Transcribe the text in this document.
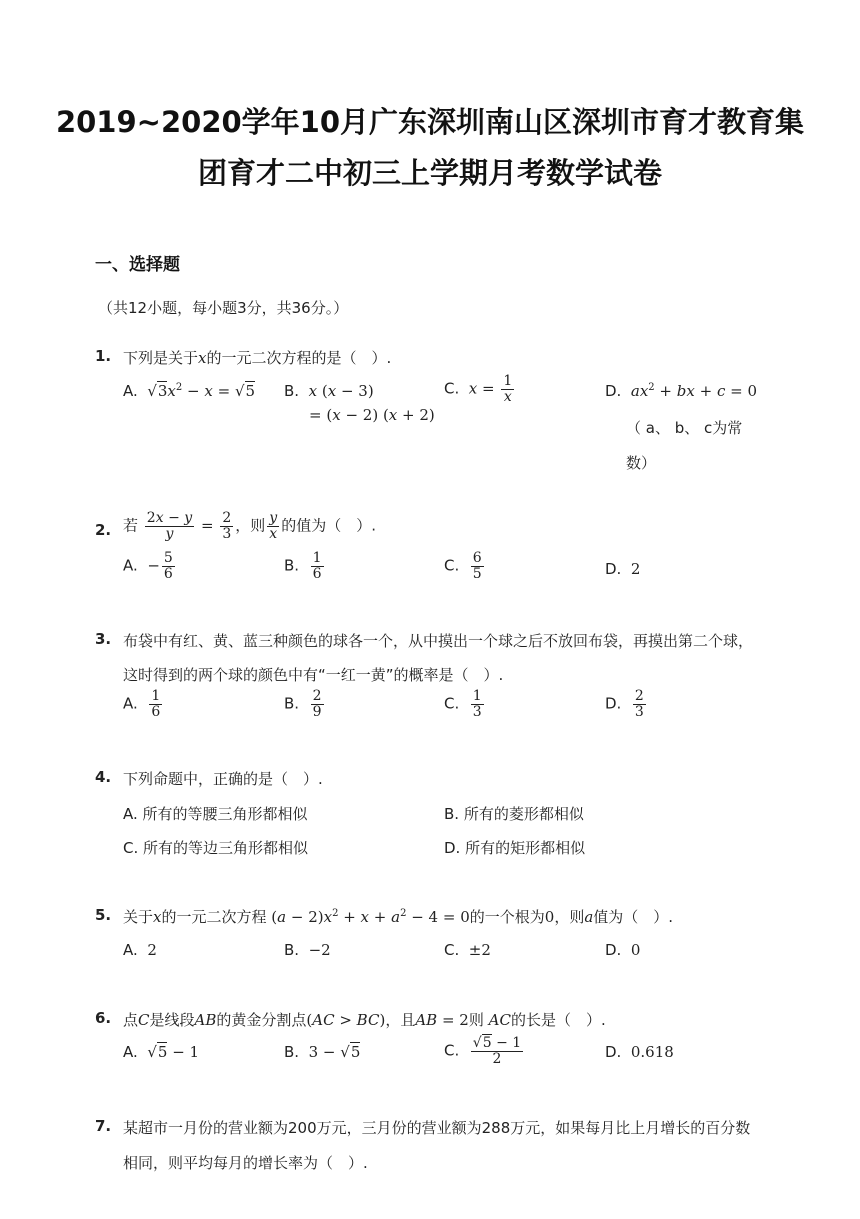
2019~2020学年10月广东深圳南山区深圳市育才教育集
团育才二中初三上学期月考数学试卷
一、选择题
（共12小题，每小题3分，共36分。）
1. 下列是关于x的一元二次方程的是（　）.
A. $√3x^2 - x = √5$ B. x (x − 3)
= (x − 2) (x + 2)
C. $x = \frac{1}{x}$	D. $ax^2$ + bx + c = 0
（ a、 b、 c为常
数）
2. 若 $\frac{2x - y}{y} = \frac{2}{3}$ ，则 $\frac{y}{x}$ 的值为（　）.
A. − $\frac{5}{6}$	B. $\frac{1}{6}$	C. $\frac{6}{5}$	D. 2
3. 布袋中有红、黄、蓝三种颜色的球各一个，从中摸出一个球之后不放回布袋，再摸出第二个球，
这时得到的两个球的颜色中有“一红一黄”的概率是（　）.
A. $\frac{1}{6}$	B. $\frac{2}{9}$	C. $\frac{1}{3}$	D. $\frac{2}{3}$
4. 下列命题中，正确的是（　）.
A. 所有的等腰三角形都相似	B. 所有的菱形都相似
C. 所有的等边三角形都相似	D. 所有的矩形都相似
5. 关于x的一元二次方程 $(a - 2)x^2 + x + a^2 - 4 = 0$的一个根为0，则a值为（　）.
A. 2	B. −2	C. ±2	D. 0
6. 点C是线段AB的黄金分割点(AC > BC)，且AB = 2则 AC的长是（　）.
A. √5 − 1	B. 3 − √5	C. $\frac{√5 - 1}{2}$	D. 0.618
7. 某超市一月份的营业额为200万元，三月份的营业额为288万元，如果每月比上月增长的百分数
相同，则平均每月的增长率为（　）.
